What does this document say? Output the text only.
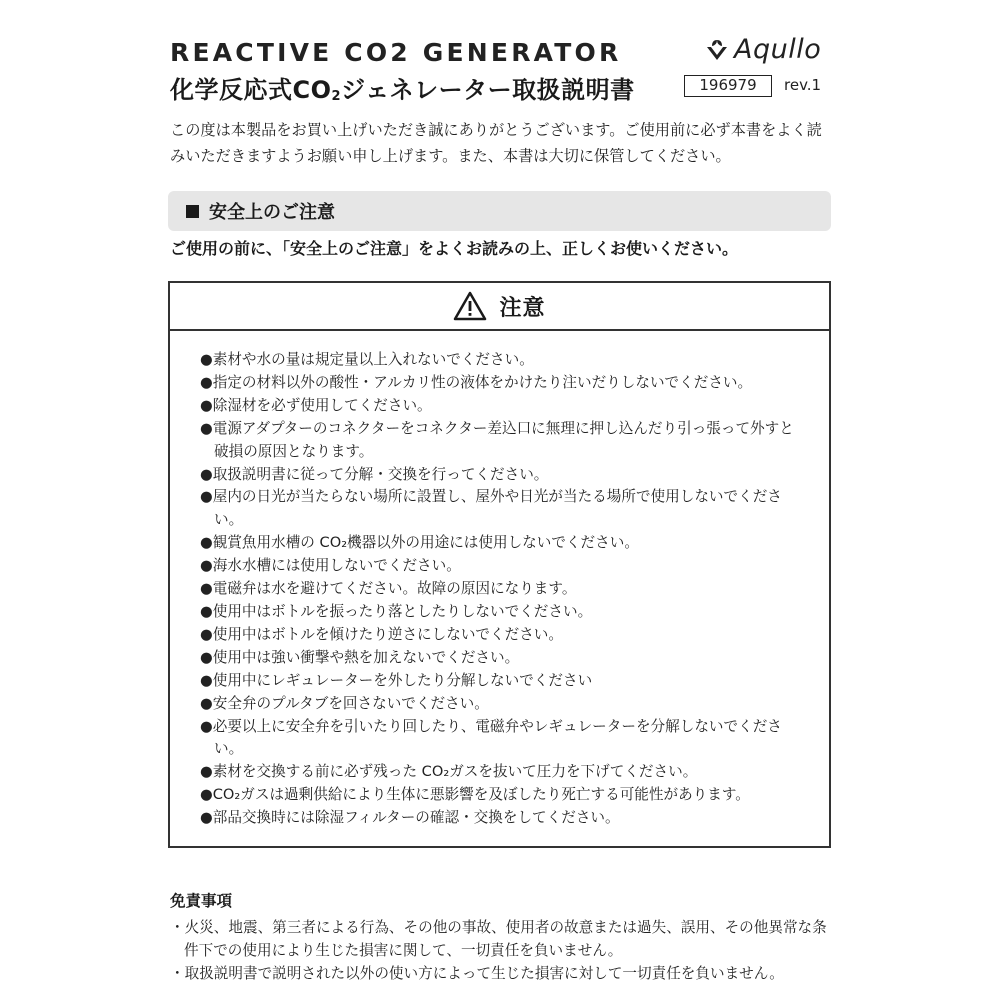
REACTIVE CO2 GENERATOR
化学反応式$CO_2$ジェネレーター取扱説明書
Aqullo
196979	rev.1

この度は本製品をお買い上げいただき誠にありがとうございます。ご使用前に必ず本書をよく読みいただきますようお願い申し上げます。また、本書は大切に保管してください。

安全上のご注意

ご使用の前に、「安全上のご注意」をよくお読みの上、正しくお使いください。

注意
●素材や水の量は規定量以上入れないでください。
●指定の材料以外の酸性・アルカリ性の液体をかけたり注いだりしないでください。
●除湿材を必ず使用してください。
●電源アダプターのコネクターをコネクター差込口に無理に押し込んだり引っ張って外すと破損の原因となります。
●取扱説明書に従って分解・交換を行ってください。
●屋内の日光が当たらない場所に設置し、屋外や日光が当たる場所で使用しないでください。
●観賞魚用水槽の CO₂機器以外の用途には使用しないでください。
●海水水槽には使用しないでください。
●電磁弁は水を避けてください。故障の原因になります。
●使用中はボトルを振ったり落としたりしないでください。
●使用中はボトルを傾けたり逆さにしないでください。
●使用中は強い衝撃や熱を加えないでください。
●使用中にレギュレーターを外したり分解しないでください
●安全弁のプルタブを回さないでください。
●必要以上に安全弁を引いたり回したり、電磁弁やレギュレーターを分解しないでください。
●素材を交換する前に必ず残った CO₂ガスを抜いて圧力を下げてください。
●CO₂ガスは過剰供給により生体に悪影響を及ぼしたり死亡する可能性があります。
●部品交換時には除湿フィルターの確認・交換をしてください。
免責事項
・火災、地震、第三者による行為、その他の事故、使用者の故意または過失、誤用、その他異常な条件下での使用により生じた損害に関して、一切責任を負いません。
・取扱説明書で説明された以外の使い方によって生じた損害に対して一切責任を負いません。
